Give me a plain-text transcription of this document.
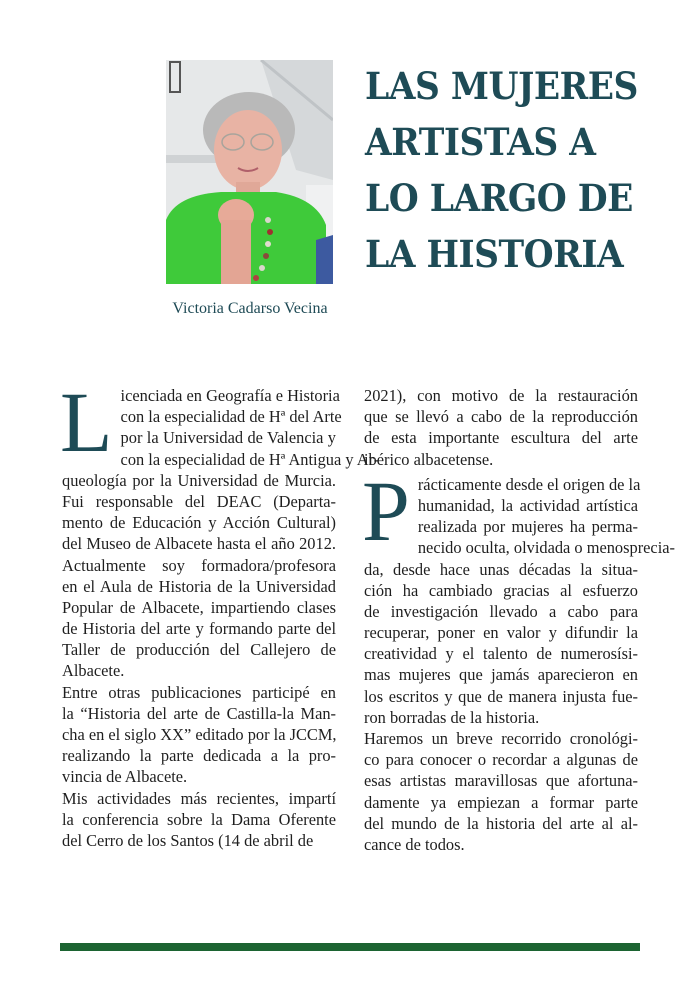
Victoria Cadarso Vecina
LAS MUJERES
ARTISTAS A
LO LARGO DE
LA HISTORIA
L icenciada en Geografía e Historia
con la especialidad de Hª del Arte
por la Universidad de Valencia y
con la especialidad de Hª Antigua y Ar-
queología por la Universidad de Murcia.
Fui responsable del DEAC (Departa-
mento de Educación y Acción Cultural)
del Museo de Albacete hasta el año 2012.
Actualmente soy formadora/profesora
en el Aula de Historia de la Universidad
Popular de Albacete, impartiendo clases
de Historia del arte y formando parte del
Taller de producción del Callejero de
Albacete.
Entre otras publicaciones participé en
la “Historia del arte de Castilla-la Man-
cha en el siglo XX” editado por la JCCM,
realizando la parte dedicada a la pro-
vincia de Albacete.
Mis actividades más recientes, impartí
la conferencia sobre la Dama Oferente
del Cerro de los Santos (14 de abril de
2021), con motivo de la restauración
que se llevó a cabo de la reproducción
de esta importante escultura del arte
ibérico albacetense.
P rácticamente desde el origen de la
humanidad, la actividad artística
realizada por mujeres ha perma-
necido oculta, olvidada o menosprecia-
da, desde hace unas décadas la situa-
ción ha cambiado gracias al esfuerzo
de investigación llevado a cabo para
recuperar, poner en valor y difundir la
creatividad y el talento de numerosísi-
mas mujeres que jamás aparecieron en
los escritos y que de manera injusta fue-
ron borradas de la historia.
Haremos un breve recorrido cronológi-
co para conocer o recordar a algunas de
esas artistas maravillosas que afortuna-
damente ya empiezan a formar parte
del mundo de la historia del arte al al-
cance de todos.
